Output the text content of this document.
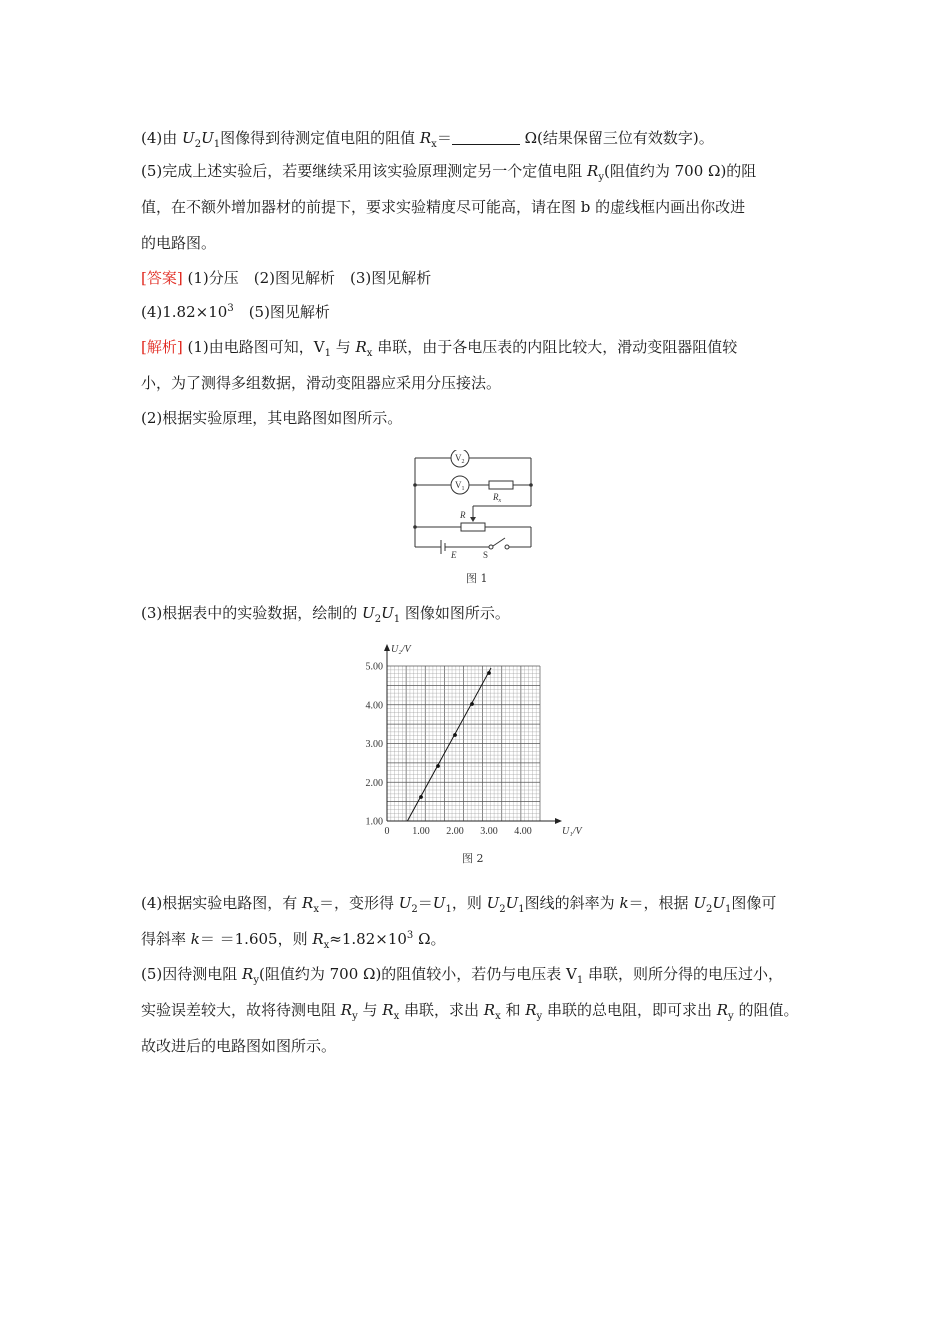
(4)由 $U_2U_1$图像得到待测定值电阻的阻值 $R_x=$	Ω(结果保留三位有效数字)。
(5)完成上述实验后，若要继续采用该实验原理测定另一个定值电阻 $R_y$(阻值约为 700 Ω)的阻
值，在不额外增加器材的前提下，要求实验精度尽可能高，请在图 b 的虚线框内画出你改进
的电路图。
[答案] (1)分压　(2)图见解析　(3)图见解析
$(4)1.82\times 10^3$　(5)图见解析
[解析] (1)由电路图可知，$V_1$ 与 $R_x$ 串联，由于各电压表的内阻比较大，滑动变阻器阻值较
小，为了测得多组数据，滑动变阻器应采用分压接法。
(2)根据实验原理，其电路图如图所示。
$V_2$
$V_1$
$R_x$
R
E	S
图 1
(3)根据表中的实验数据，绘制的 $U_2U_1$ 图像如图所示。
0 1.00 2.00 3.00 4.00
1.00
2.00
3.00
4.00
5.00
U₁/V
U₂/V
图 2
(4)根据实验电路图，有 $R_x=$，变形得 $U_2=U_1$，则 $U_2U_1$图线的斜率为 k＝，根据 $U_2U_1$图像可
得斜率 k＝ ＝1.605，则 $R_x\approx 1.82\times 10^3$ Ω。
(5)因待测电阻 $R_y$(阻值约为 700 Ω)的阻值较小，若仍与电压表 $V_1$ 串联，则所分得的电压过小，
实验误差较大，故将待测电阻 $R_y$ 与 $R_x$ 串联，求出 $R_x$ 和 $R_y$ 串联的总电阻，即可求出 $R_y$ 的阻值。
故改进后的电路图如图所示。
